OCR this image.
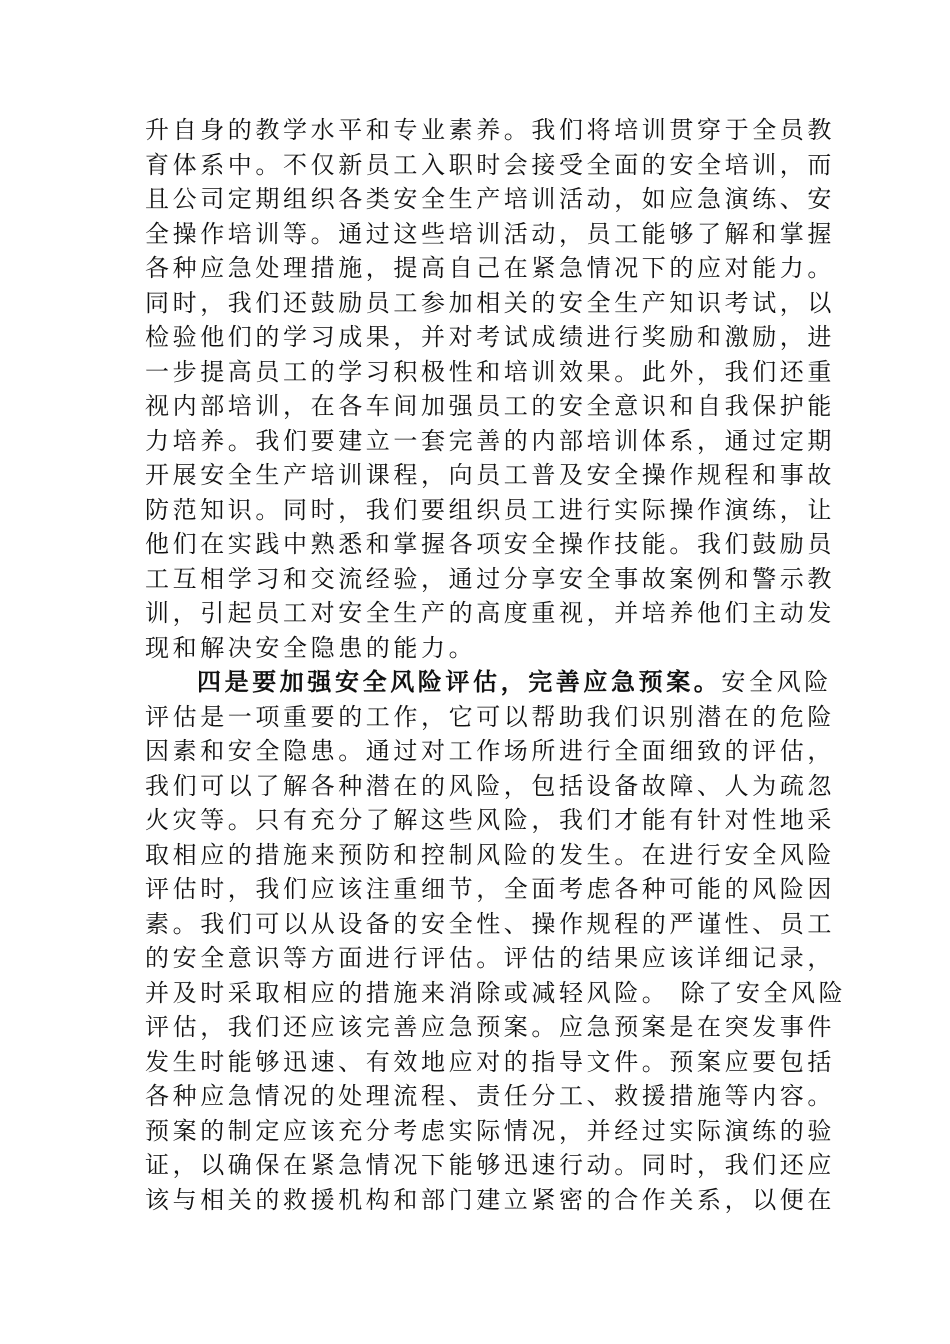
升自身的教学水平和专业素养。我们将培训贯穿于全员教
育体系中。不仅新员工入职时会接受全面的安全培训，而
且公司定期组织各类安全生产培训活动，如应急演练、安
全操作培训等。通过这些培训活动，员工能够了解和掌握
各种应急处理措施，提高自己在紧急情况下的应对能力。
同时，我们还鼓励员工参加相关的安全生产知识考试，以
检验他们的学习成果，并对考试成绩进行奖励和激励，进
一步提高员工的学习积极性和培训效果。此外，我们还重
视内部培训，在各车间加强员工的安全意识和自我保护能
力培养。我们要建立一套完善的内部培训体系，通过定期
开展安全生产培训课程，向员工普及安全操作规程和事故
防范知识。同时，我们要组织员工进行实际操作演练，让
他们在实践中熟悉和掌握各项安全操作技能。我们鼓励员
工互相学习和交流经验，通过分享安全事故案例和警示教
训，引起员工对安全生产的高度重视，并培养他们主动发
现和解决安全隐患的能力。
四是要加强安全风险评估，完善应急预案。安全风险
评估是一项重要的工作，它可以帮助我们识别潜在的危险
因素和安全隐患。通过对工作场所进行全面细致的评估，
我们可以了解各种潜在的风险，包括设备故障、人为疏忽
火灾等。只有充分了解这些风险，我们才能有针对性地采
取相应的措施来预防和控制风险的发生。在进行安全风险
评估时，我们应该注重细节，全面考虑各种可能的风险因
素。我们可以从设备的安全性、操作规程的严谨性、员工
的安全意识等方面进行评估。评估的结果应该详细记录，
并及时采取相应的措施来消除或减轻风险。 除了安全风险
评估，我们还应该完善应急预案。应急预案是在突发事件
发生时能够迅速、有效地应对的指导文件。预案应要包括
各种应急情况的处理流程、责任分工、救援措施等内容。
预案的制定应该充分考虑实际情况，并经过实际演练的验
证，以确保在紧急情况下能够迅速行动。同时，我们还应
该与相关的救援机构和部门建立紧密的合作关系，以便在
